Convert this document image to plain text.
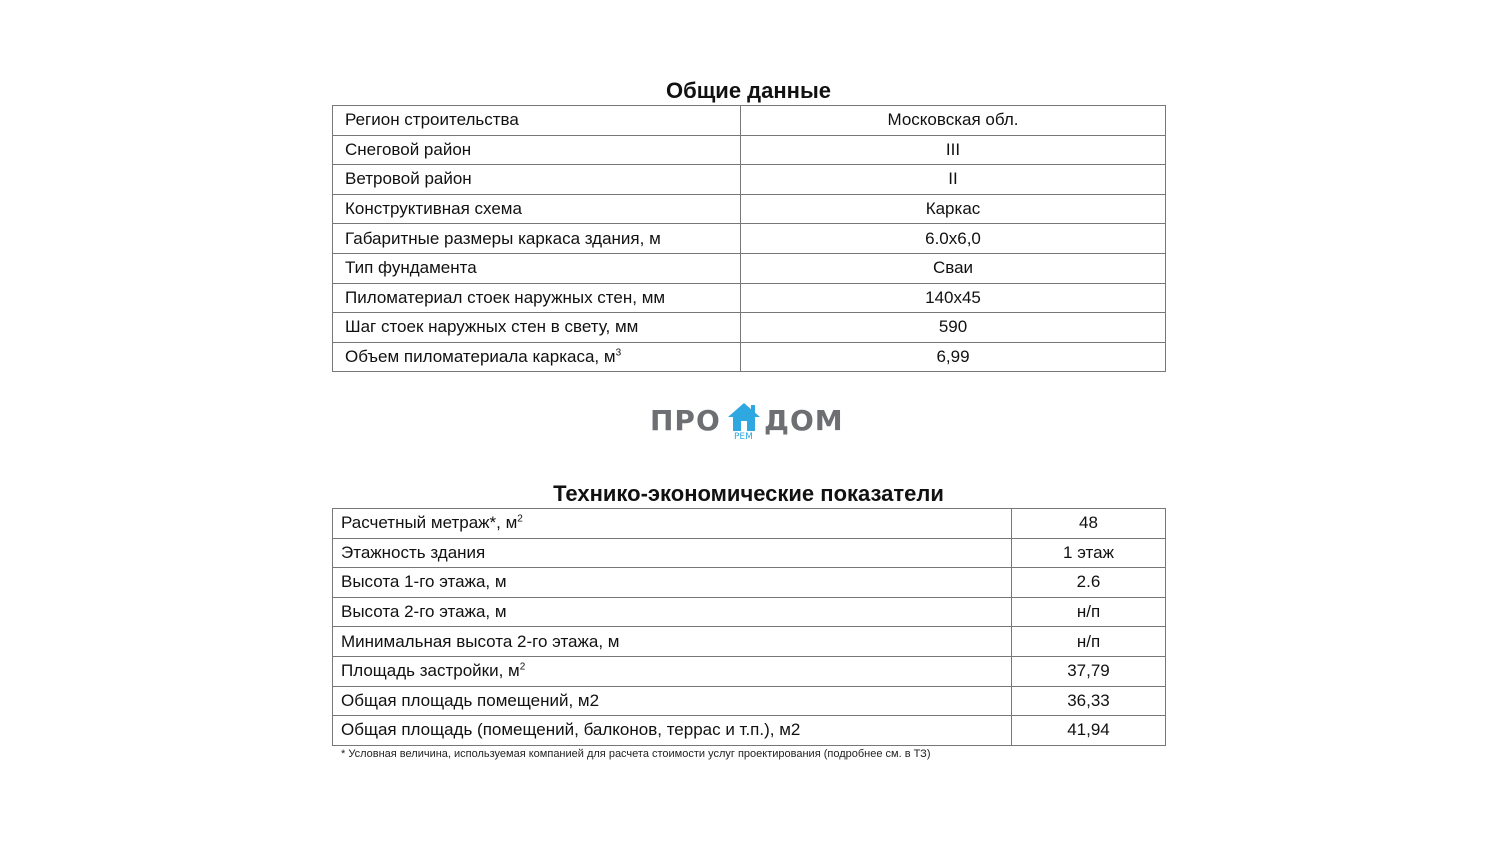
Общие данные
Регион строительства	Московская обл.
Снеговой район	III
Ветровой район	II
Конструктивная схема	Каркас
Габаритные размеры каркаса здания, м	6.0х6,0
Тип фундамента	Сваи
Пиломатериал стоек наружных стен, мм	140х45
Шаг стоек наружных стен в свету, мм	590
Объем пиломатериала каркаса, $м^3$	6,99
ПРО РЕМ ДОМ
Технико-экономические показатели
Расчетный метраж*, $м^2$	48
Этажность здания	1 этаж
Высота 1-го этажа, м	2.6
Высота 2-го этажа, м	н/п
Минимальная высота 2-го этажа, м	н/п
Площадь застройки, $м^2$	37,79
Общая площадь помещений, м2	36,33
Общая площадь (помещений, балконов, террас и т.п.), м2	41,94
* Условная величина, используемая компанией для расчета стоимости услуг проектирования (подробнее см. в ТЗ)
